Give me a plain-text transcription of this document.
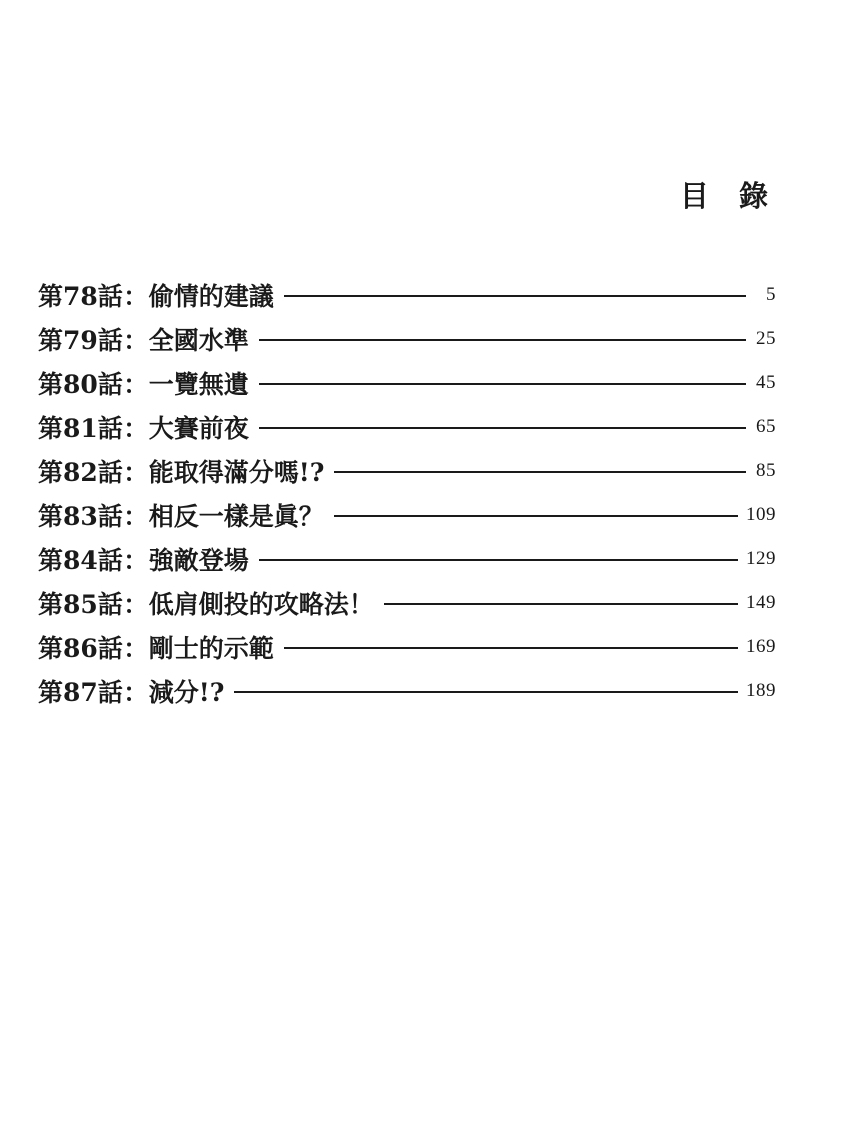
目 錄
第78話 ： 偷情的建議	5
第79話 ： 全國水準	25
第80話 ： 一覽無遺	45
第81話 ： 大賽前夜	65
第82話 ： 能取得滿分嗎!?	85
第83話 ： 相反一樣是眞？	109
第84話 ： 強敵登場	129
第85話 ： 低肩側投的攻略法！	149
第86話 ： 剛士的示範	169
第87話 ： 減分!?	189
